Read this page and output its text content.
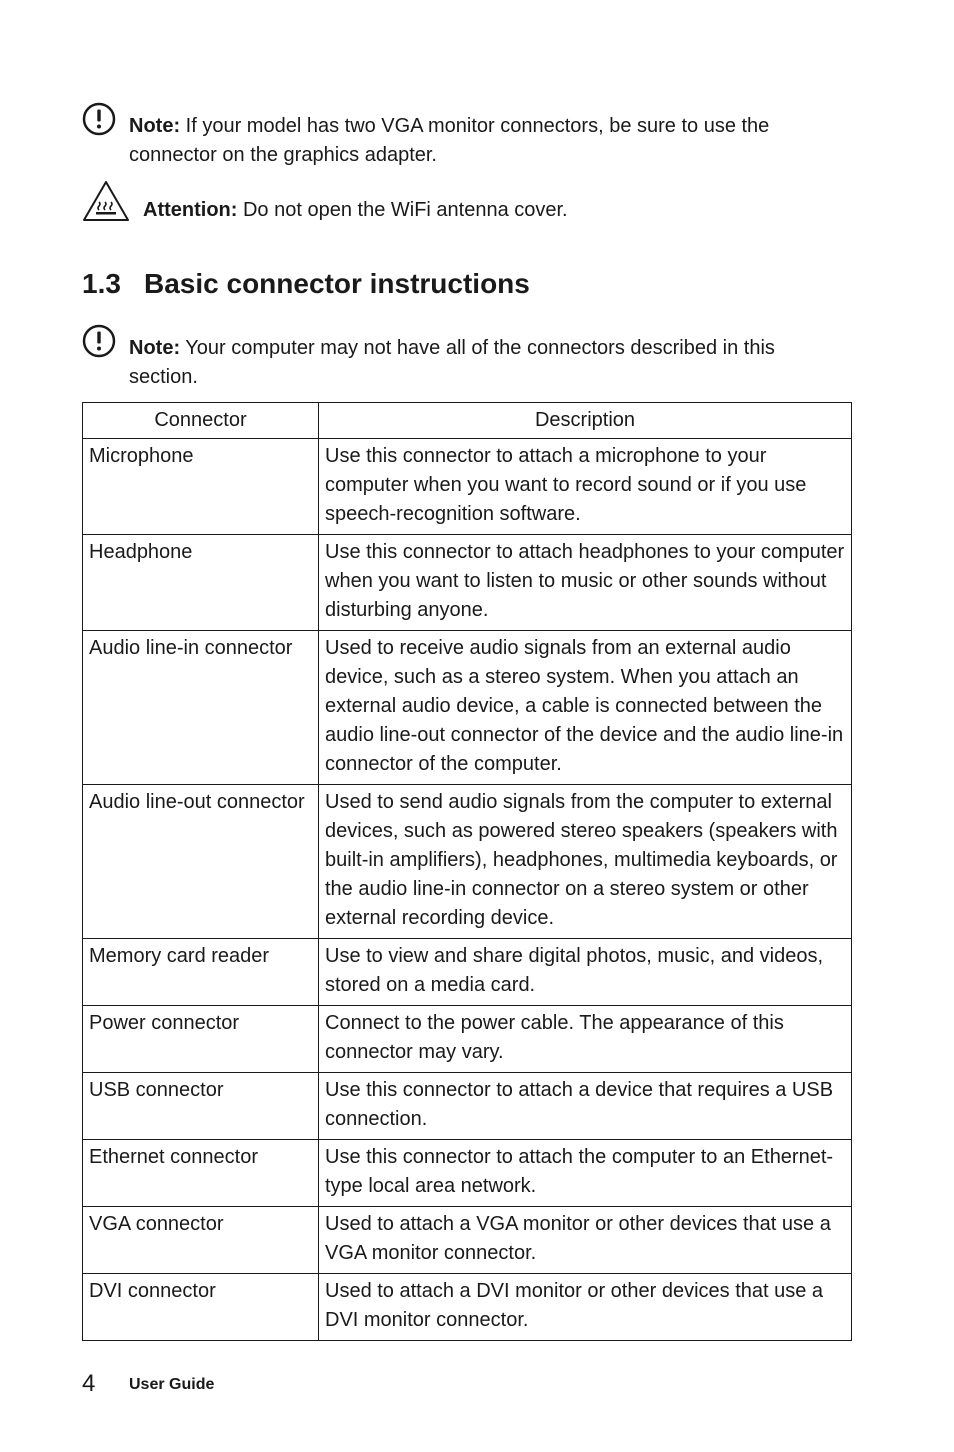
Note: If your model has two VGA monitor connectors, be sure to use the connector on the graphics adapter.
Attention: Do not open the WiFi antenna cover.
1.3 Basic connector instructions
Note: Your computer may not have all of the connectors described in this section.
Connector	Description
Microphone	Use this connector to attach a microphone to your computer when you want to record sound or if you use speech-recognition software.
Headphone	Use this connector to attach headphones to your computer when you want to listen to music or other sounds without disturbing anyone.
Audio line-in connector	Used to receive audio signals from an external audio device, such as a stereo system. When you attach an external audio device, a cable is connected between the audio line-out connector of the device and the audio line-in connector of the computer.
Audio line-out connector	Used to send audio signals from the computer to external devices, such as powered stereo speakers (speakers with built-in amplifiers), headphones, multimedia keyboards, or the audio line-in connector on a stereo system or other external recording device.
Memory card reader	Use to view and share digital photos, music, and videos, stored on a media card.
Power connector	Connect to the power cable. The appearance of this connector may vary.
USB connector	Use this connector to attach a device that requires a USB connection.
Ethernet connector	Use this connector to attach the computer to an Ethernet-type local area network.
VGA connector	Used to attach a VGA monitor or other devices that use a VGA monitor connector.
DVI connector	Used to attach a DVI monitor or other devices that use a DVI monitor connector.
4 User Guide
